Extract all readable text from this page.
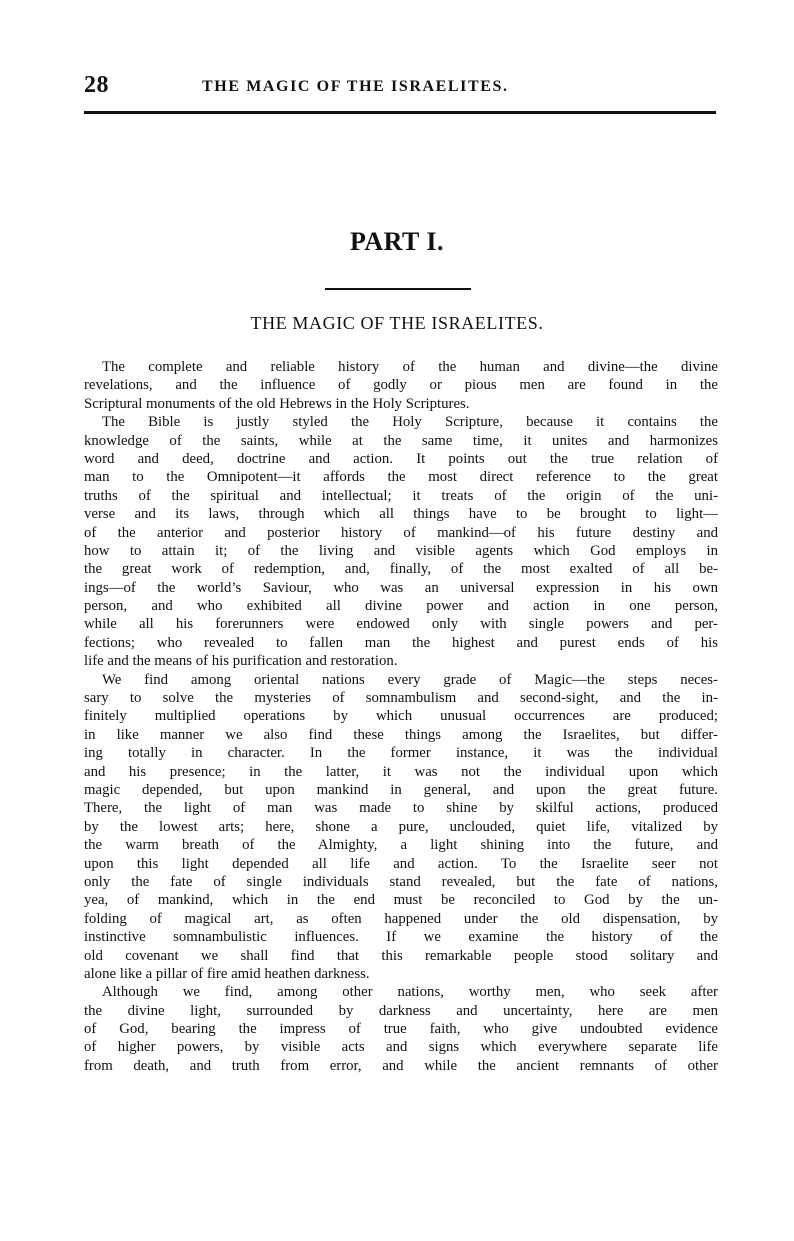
28	THE MAGIC OF THE ISRAELITES.
PART I.
THE MAGIC OF THE ISRAELITES.
The complete and reliable history of the human and divine—the divine
revelations, and the influence of godly or pious men are found in the
Scriptural monuments of the old Hebrews in the Holy Scriptures.
The Bible is justly styled the Holy Scripture, because it contains the
knowledge of the saints, while at the same time, it unites and harmonizes
word and deed, doctrine and action. It points out the true relation of
man to the Omnipotent—it affords the most direct reference to the great
truths of the spiritual and intellectual; it treats of the origin of the uni-
verse and its laws, through which all things have to be brought to light—
of the anterior and posterior history of mankind—of his future destiny and
how to attain it; of the living and visible agents which God employs in
the great work of redemption, and, finally, of the most exalted of all be-
ings—of the world’s Saviour, who was an universal expression in his own
person, and who exhibited all divine power and action in one person,
while all his forerunners were endowed only with single powers and per-
fections; who revealed to fallen man the highest and purest ends of his
life and the means of his purification and restoration.
We find among oriental nations every grade of Magic—the steps neces-
sary to solve the mysteries of somnambulism and second-sight, and the in-
finitely multiplied operations by which unusual occurrences are produced;
in like manner we also find these things among the Israelites, but differ-
ing totally in character. In the former instance, it was the individual
and his presence; in the latter, it was not the individual upon which
magic depended, but upon mankind in general, and upon the great future.
There, the light of man was made to shine by skilful actions, produced
by the lowest arts; here, shone a pure, unclouded, quiet life, vitalized by
the warm breath of the Almighty, a light shining into the future, and
upon this light depended all life and action. To the Israelite seer not
only the fate of single individuals stand revealed, but the fate of nations,
yea, of mankind, which in the end must be reconciled to God by the un-
folding of magical art, as often happened under the old dispensation, by
instinctive somnambulistic influences. If we examine the history of the
old covenant we shall find that this remarkable people stood solitary and
alone like a pillar of fire amid heathen darkness.
Although we find, among other nations, worthy men, who seek after
the divine light, surrounded by darkness and uncertainty, here are men
of God, bearing the impress of true faith, who give undoubted evidence
of higher powers, by visible acts and signs which everywhere separate life
from death, and truth from error, and while the ancient remnants of other
